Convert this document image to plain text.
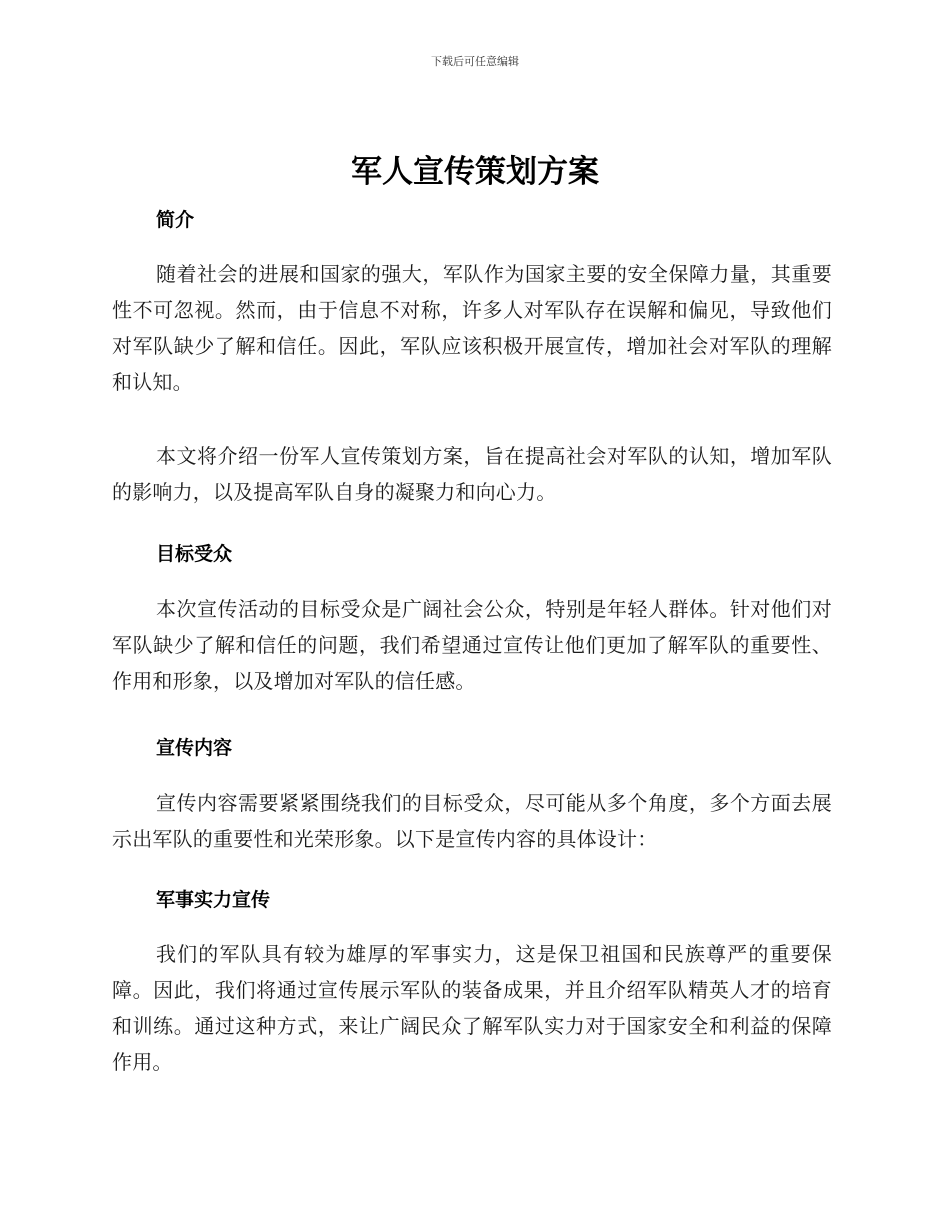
下载后可任意编辑
军人宣传策划方案
简介

随着社会的进展和国家的强大，军队作为国家主要的安全保障力量，其重要性不可忽视。然而，由于信息不对称，许多人对军队存在误解和偏见，导致他们对军队缺少了解和信任。因此，军队应该积极开展宣传，增加社会对军队的理解和认知。

本文将介绍一份军人宣传策划方案，旨在提高社会对军队的认知，增加军队的影响力，以及提高军队自身的凝聚力和向心力。

目标受众

本次宣传活动的目标受众是广阔社会公众，特别是年轻人群体。针对他们对军队缺少了解和信任的问题，我们希望通过宣传让他们更加了解军队的重要性、作用和形象，以及增加对军队的信任感。

宣传内容

宣传内容需要紧紧围绕我们的目标受众，尽可能从多个角度，多个方面去展示出军队的重要性和光荣形象。以下是宣传内容的具体设计：

军事实力宣传

我们的军队具有较为雄厚的军事实力，这是保卫祖国和民族尊严的重要保障。因此，我们将通过宣传展示军队的装备成果，并且介绍军队精英人才的培育和训练。通过这种方式，来让广阔民众了解军队实力对于国家安全和利益的保障作用。
